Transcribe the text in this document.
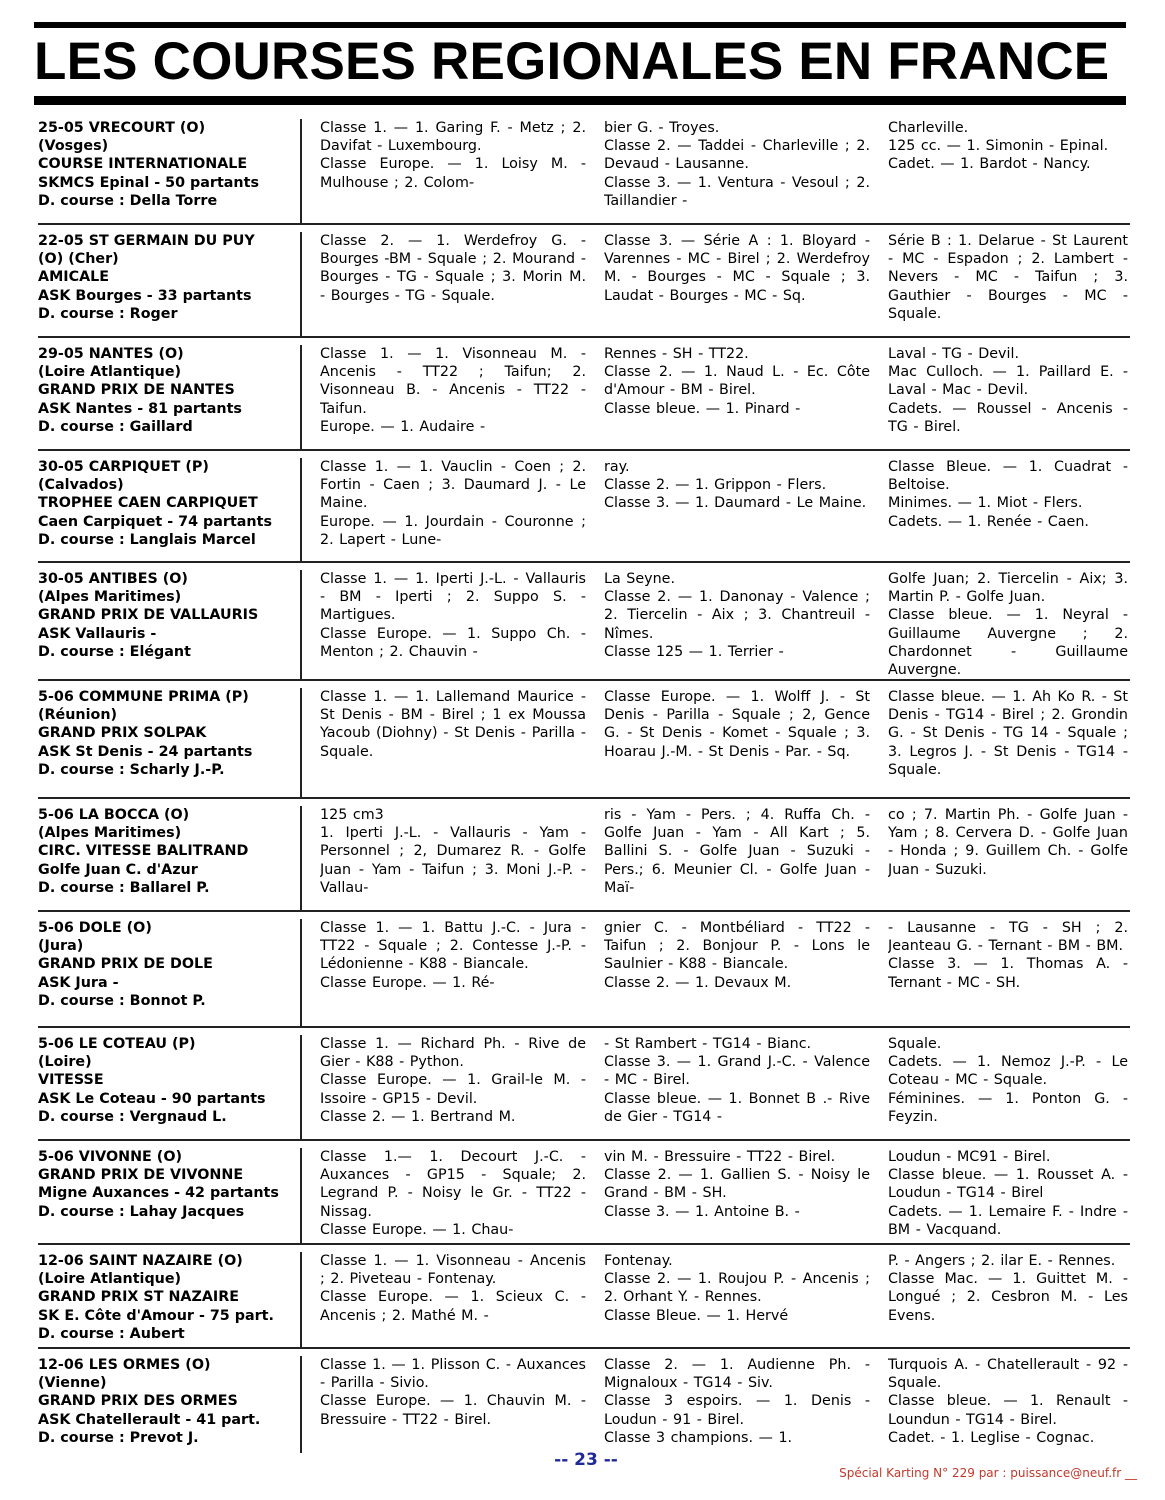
LES COURSES REGIONALES EN FRANCE
25-05 VRECOURT (O)
(Vosges)
COURSE INTERNATIONALE
SKMCS Epinal - 50 partants
D. course : Della Torre
Classe 1. — 1. Garing F. - Metz ; 2. Davifat - Luxembourg.
Classe Europe. — 1. Loisy M. - Mulhouse ; 2. Colom-
bier G. - Troyes.
Classe 2. — Taddei - Charleville ; 2. Devaud - Lausanne.
Classe 3. — 1. Ventura - Vesoul ; 2. Taillandier -
Charleville.
125 cc. — 1. Simonin - Epinal.
Cadet. — 1. Bardot - Nancy.
22-05 ST GERMAIN DU PUY
(O) (Cher)
AMICALE
ASK Bourges - 33 partants
D. course : Roger
Classe 2. — 1. Werdefroy G. - Bourges -BM - Squale ; 2. Mourand - Bourges - TG - Squale ; 3. Morin M. - Bourges - TG - Squale.
Classe 3. — Série A : 1. Bloyard - Varennes - MC - Birel ; 2. Werdefroy M. - Bourges - MC - Squale ; 3. Laudat - Bourges - MC - Sq.
Série B : 1. Delarue - St Laurent - MC - Espadon ; 2. Lambert - Nevers - MC - Taifun ; 3. Gauthier - Bourges - MC - Squale.
29-05 NANTES (O)
(Loire Atlantique)
GRAND PRIX DE NANTES
ASK Nantes - 81 partants
D. course : Gaillard
Classe 1. — 1. Visonneau M. - Ancenis - TT22 ; Taifun; 2. Visonneau B. - Ancenis - TT22 - Taifun.
Europe. — 1. Audaire -
Rennes - SH - TT22.
Classe 2. — 1. Naud L. - Ec. Côte d'Amour - BM - Birel.
Classe bleue. — 1. Pinard -
Laval - TG - Devil.
Mac Culloch. — 1. Paillard E. - Laval - Mac - Devil.
Cadets. — Roussel - Ancenis - TG - Birel.
30-05 CARPIQUET (P)
(Calvados)
TROPHEE CAEN CARPIQUET
Caen Carpiquet - 74 partants
D. course : Langlais Marcel
Classe 1. — 1. Vauclin - Coen ; 2. Fortin - Caen ; 3. Daumard J. - Le Maine.
Europe. — 1. Jourdain - Couronne ; 2. Lapert - Lune-
ray.
Classe 2. — 1. Grippon - Flers.
Classe 3. — 1. Daumard - Le Maine.
Classe Bleue. — 1. Cuadrat - Beltoise.
Minimes. — 1. Miot - Flers.
Cadets. — 1. Renée - Caen.
30-05 ANTIBES (O)
(Alpes Maritimes)
GRAND PRIX DE VALLAURIS
ASK Vallauris -
D. course : Elégant
Classe 1. — 1. Iperti J.-L. - Vallauris - BM - Iperti ; 2. Suppo S. - Martigues.
Classe Europe. — 1. Suppo Ch. - Menton ; 2. Chauvin -
La Seyne.
Classe 2. — 1. Danonay - Valence ; 2. Tiercelin - Aix ; 3. Chantreuil - Nîmes.
Classe 125 — 1. Terrier -
Golfe Juan; 2. Tiercelin - Aix; 3. Martin P. - Golfe Juan.
Classe bleue. — 1. Neyral - Guillaume Auvergne ; 2. Chardonnet - Guillaume Auvergne.
5-06 COMMUNE PRIMA (P)
(Réunion)
GRAND PRIX SOLPAK
ASK St Denis - 24 partants
D. course : Scharly J.-P.
Classe 1. — 1. Lallemand Maurice - St Denis - BM - Birel ; 1 ex Moussa Yacoub (Diohny) - St Denis - Parilla - Squale.
Classe Europe. — 1. Wolff J. - St Denis - Parilla - Squale ; 2, Gence G. - St Denis - Komet - Squale ; 3. Hoarau J.-M. - St Denis - Par. - Sq.
Classe bleue. — 1. Ah Ko R. - St Denis - TG14 - Birel ; 2. Grondin G. - St Denis - TG 14 - Squale ; 3. Legros J. - St Denis - TG14 - Squale.
5-06 LA BOCCA (O)
(Alpes Maritimes)
CIRC. VITESSE BALITRAND
Golfe Juan C. d'Azur
D. course : Ballarel P.
125 cm3
1. Iperti J.-L. - Vallauris - Yam - Personnel ; 2, Dumarez R. - Golfe Juan - Yam - Taifun ; 3. Moni J.-P. - Vallau-
ris - Yam - Pers. ; 4. Ruffa Ch. - Golfe Juan - Yam - All Kart ; 5. Ballini S. - Golfe Juan - Suzuki - Pers.; 6. Meunier Cl. - Golfe Juan - Maï-
co ; 7. Martin Ph. - Golfe Juan - Yam ; 8. Cervera D. - Golfe Juan - Honda ; 9. Guillem Ch. - Golfe Juan - Suzuki.
5-06 DOLE (O)
(Jura)
GRAND PRIX DE DOLE
ASK Jura -
D. course : Bonnot P.
Classe 1. — 1. Battu J.-C. - Jura - TT22 - Squale ; 2. Contesse J.-P. - Lédonienne - K88 - Biancale.
Classe Europe. — 1. Ré-
gnier C. - Montbéliard - TT22 - Taifun ; 2. Bonjour P. - Lons le Saulnier - K88 - Biancale.
Classe 2. — 1. Devaux M.
- Lausanne - TG - SH ; 2. Jeanteau G. - Ternant - BM - BM.
Classe 3. — 1. Thomas A. - Ternant - MC - SH.
5-06 LE COTEAU (P)
(Loire)
VITESSE
ASK Le Coteau - 90 partants
D. course : Vergnaud L.
Classe 1. — Richard Ph. - Rive de Gier - K88 - Python.
Classe Europe. — 1. Grail-le M. - Issoire - GP15 - Devil.
Classe 2. — 1. Bertrand M.
- St Rambert - TG14 - Bianc.
Classe 3. — 1. Grand J.-C. - Valence - MC - Birel.
Classe bleue. — 1. Bonnet B .- Rive de Gier - TG14 -
Squale.
Cadets. — 1. Nemoz J.-P. - Le Coteau - MC - Squale.
Féminines. — 1. Ponton G. - Feyzin.
5-06 VIVONNE (O)
GRAND PRIX DE VIVONNE
Migne Auxances - 42 partants
D. course : Lahay Jacques
Classe 1.— 1. Decourt J.-C. - Auxances - GP15 - Squale; 2. Legrand P. - Noisy le Gr. - TT22 - Nissag.
Classe Europe. — 1. Chau-
vin M. - Bressuire - TT22 - Birel.
Classe 2. — 1. Gallien S. - Noisy le Grand - BM - SH.
Classe 3. — 1. Antoine B. -
Loudun - MC91 - Birel.
Classe bleue. — 1. Rousset A. - Loudun - TG14 - Birel
Cadets. — 1. Lemaire F. - Indre - BM - Vacquand.
12-06 SAINT NAZAIRE (O)
(Loire Atlantique)
GRAND PRIX ST NAZAIRE
SK E. Côte d'Amour - 75 part.
D. course : Aubert
Classe 1. — 1. Visonneau - Ancenis ; 2. Piveteau - Fontenay.
Classe Europe. — 1. Scieux C. - Ancenis ; 2. Mathé M. -
Fontenay.
Classe 2. — 1. Roujou P. - Ancenis ; 2. Orhant Y. - Rennes.
Classe Bleue. — 1. Hervé
P. - Angers ; 2. ilar E. - Rennes.
Classe Mac. — 1. Guittet M. - Longué ; 2. Cesbron M. - Les Evens.
12-06 LES ORMES (O)
(Vienne)
GRAND PRIX DES ORMES
ASK Chatellerault - 41 part.
D. course : Prevot J.
Classe 1. — 1. Plisson C. - Auxances - Parilla - Sivio.
Classe Europe. — 1. Chauvin M. - Bressuire - TT22 - Birel.
Classe 2. — 1. Audienne Ph. - Mignaloux - TG14 - Siv.
Classe 3 espoirs. — 1. Denis - Loudun - 91 - Birel.
Classe 3 champions. — 1.
Turquois A. - Chatellerault - 92 - Squale.
Classe bleue. — 1. Renault - Loundun - TG14 - Birel.
Cadet. - 1. Leglise - Cognac.
-- 23 --
Spécial Karting N° 229 par : puissance@neuf.fr __
